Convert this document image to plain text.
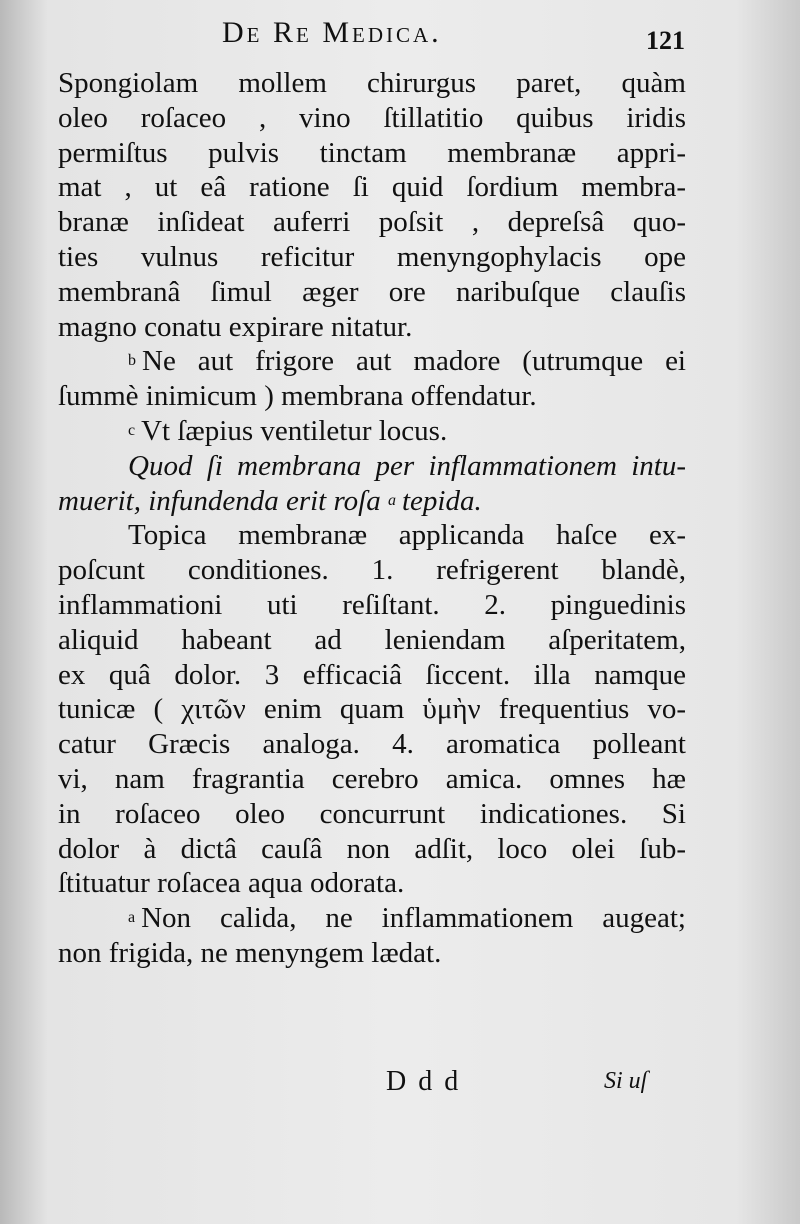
De Re Medica.	121
Spongiolam mollem chirurgus paret, quàm
oleo roſaceo , vino ſtillatitio quibus iridis
permiſtus pulvis tinctam membranæ appri-
mat , ut eâ ratione ſi quid ſordium membra-
branæ inſideat auferri poſsit , depreſsâ quo-
ties vulnus reficitur menyngophylacis ope
membranâ ſimul æger ore naribuſque clauſis
magno conatu expirare nitatur.
$^b$ Ne aut frigore aut madore (utrumque ei
ſummè inimicum ) membrana offendatur.
$^c$ Vt ſæpius ventiletur locus.
Quod ſi membrana per inflammationem intu-
muerit, infundenda erit roſa $^a$ tepida.
Topica membranæ applicanda haſce ex-
poſcunt conditiones. 1. refrigerent blandè,
inflammationi uti reſiſtant. 2. pinguedinis
aliquid habeant ad leniendam aſperitatem,
ex quâ dolor. 3 efficaciâ ſiccent. illa namque
tunicæ ( χιτῶν enim quam ὑμὴν frequentius vo-
catur Græcis analoga. 4. aromatica polleant
vi, nam fragrantia cerebro amica. omnes hæ
in roſaceo oleo concurrunt indicationes. Si
dolor à dictâ cauſâ non adſit, loco olei ſub-
ſtituatur roſacea aqua odorata.
$^a$ Non calida, ne inflammationem augeat;
non frigida, ne menyngem lædat.
Ddd	Si uſ
